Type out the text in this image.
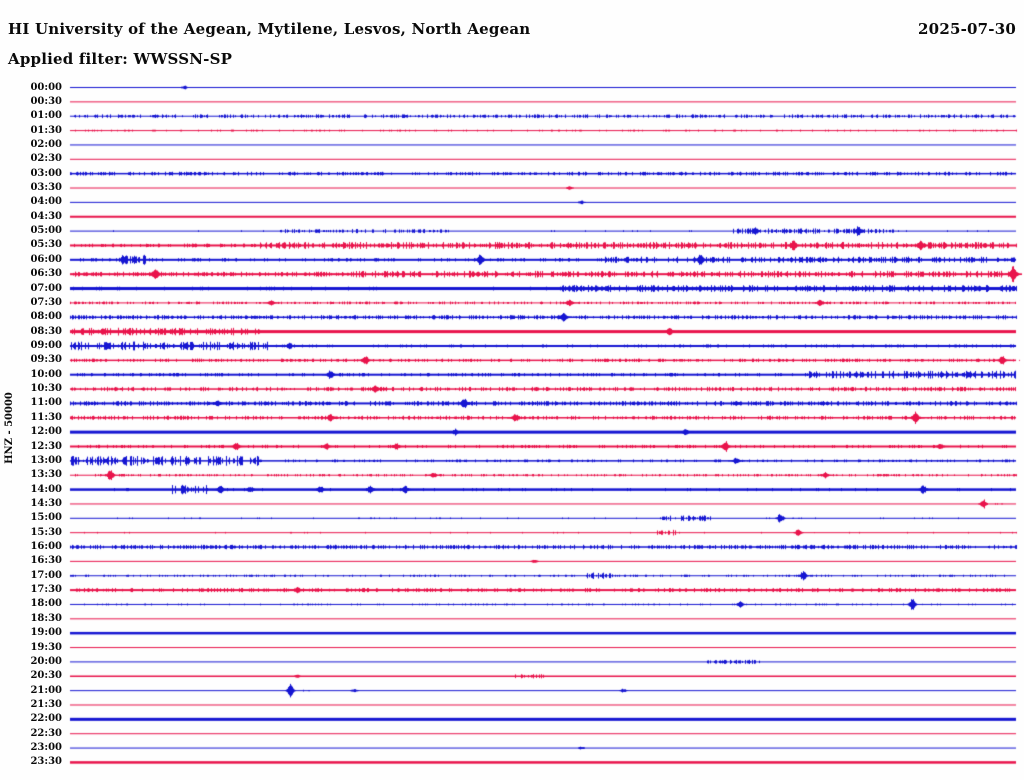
HI University of the Aegean, Mytilene, Lesvos, North Aegean	2025-07-30
Applied filter: WWSSN-SP
HNZ - 50000
00:00
00:30
01:00
01:30
02:00
02:30
03:00
03:30
04:00
04:30
05:00
05:30
06:00
06:30
07:00
07:30
08:00
08:30
09:00
09:30
10:00
10:30
11:00
11:30
12:00
12:30
13:00
13:30
14:00
14:30
15:00
15:30
16:00
16:30
17:00
17:30
18:00
18:30
19:00
19:30
20:00
20:30
21:00
21:30
22:00
22:30
23:00
23:30
